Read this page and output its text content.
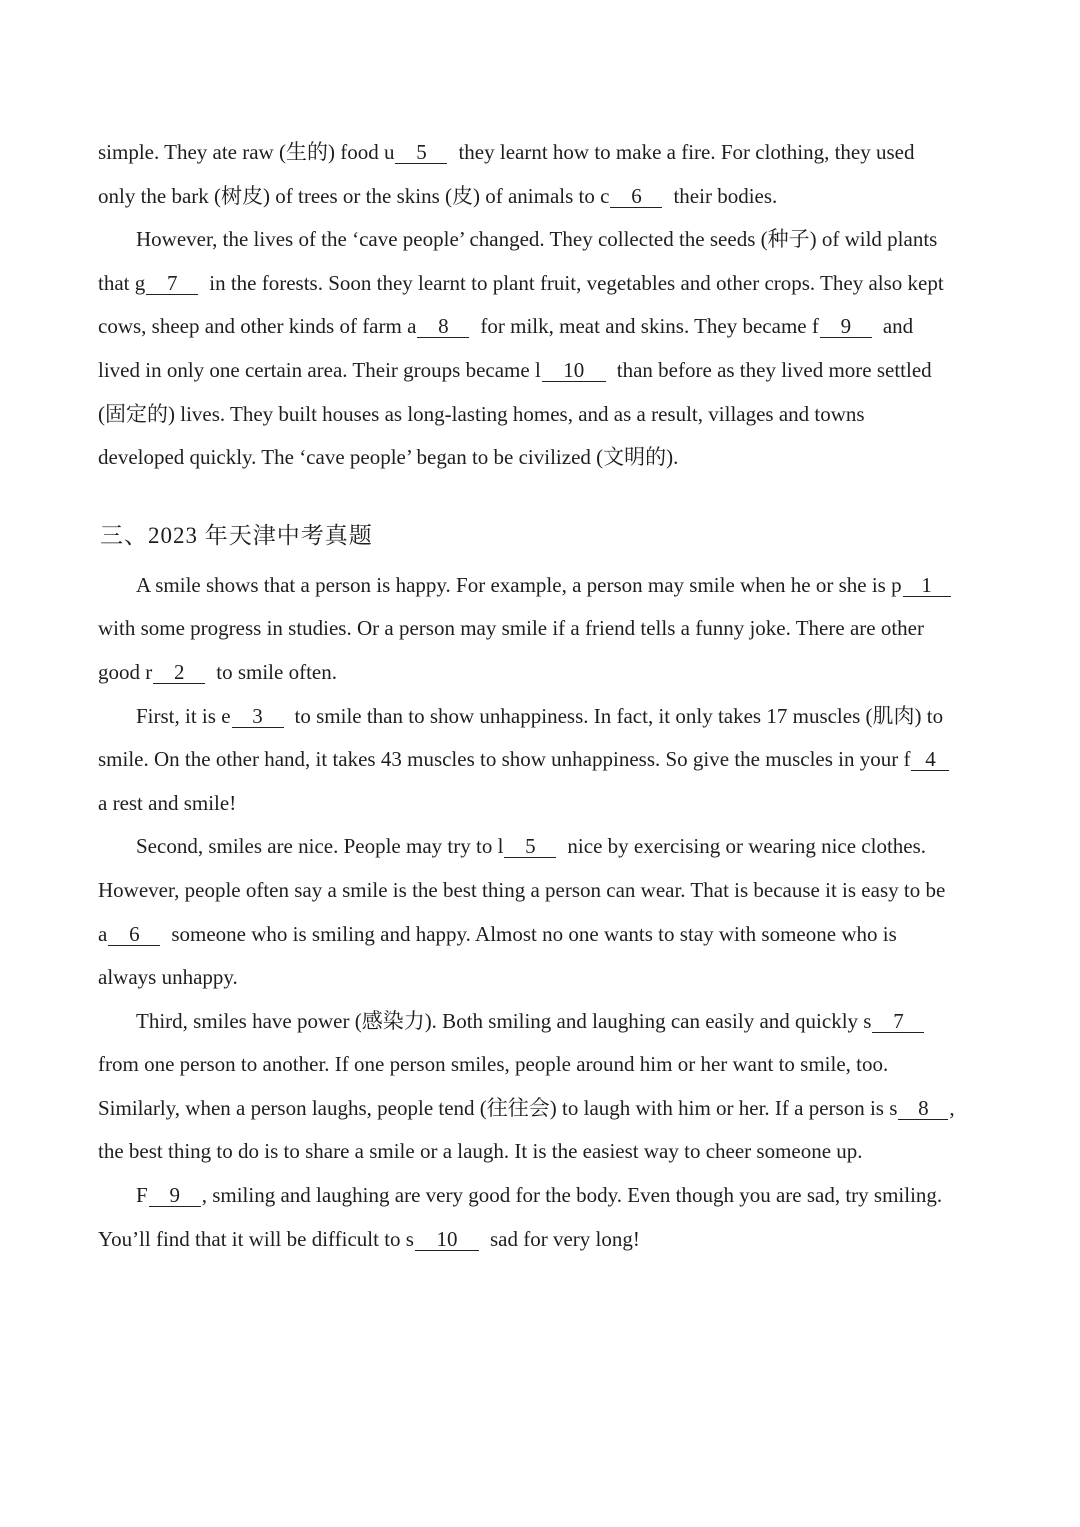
simple. They ate raw (生的) food u 5 they learnt how to make a fire. For clothing, they used
only the bark (树皮) of trees or the skins (皮) of animals to c 6 their bodies.
However, the lives of the ‘cave people’ changed. They collected the seeds (种子) of wild plants
that g 7 in the forests. Soon they learnt to plant fruit, vegetables and other crops. They also kept
cows, sheep and other kinds of farm a 8 for milk, meat and skins. They became f 9 and
lived in only one certain area. Their groups became l 10 than before as they lived more settled
(固定的) lives. They built houses as long-lasting homes, and as a result, villages and towns
developed quickly. The ‘cave people’ began to be civilized (文明的).
三、2023 年天津中考真题
A smile shows that a person is happy. For example, a person may smile when he or she is p 1
with some progress in studies. Or a person may smile if a friend tells a funny joke. There are other
good r 2 to smile often.
First, it is e 3 to smile than to show unhappiness. In fact, it only takes 17 muscles (肌肉) to
smile. On the other hand, it takes 43 muscles to show unhappiness. So give the muscles in your f 4
a rest and smile!
Second, smiles are nice. People may try to l 5 nice by exercising or wearing nice clothes.
However, people often say a smile is the best thing a person can wear. That is because it is easy to be
a 6 someone who is smiling and happy. Almost no one wants to stay with someone who is
always unhappy.
Third, smiles have power (感染力). Both smiling and laughing can easily and quickly s 7
from one person to another. If one person smiles, people around him or her want to smile, too.
Similarly, when a person laughs, people tend (往往会) to laugh with him or her. If a person is s 8 ,
the best thing to do is to share a smile or a laugh. It is the easiest way to cheer someone up.
F 9 , smiling and laughing are very good for the body. Even though you are sad, try smiling.
You’ll find that it will be difficult to s 10 sad for very long!
